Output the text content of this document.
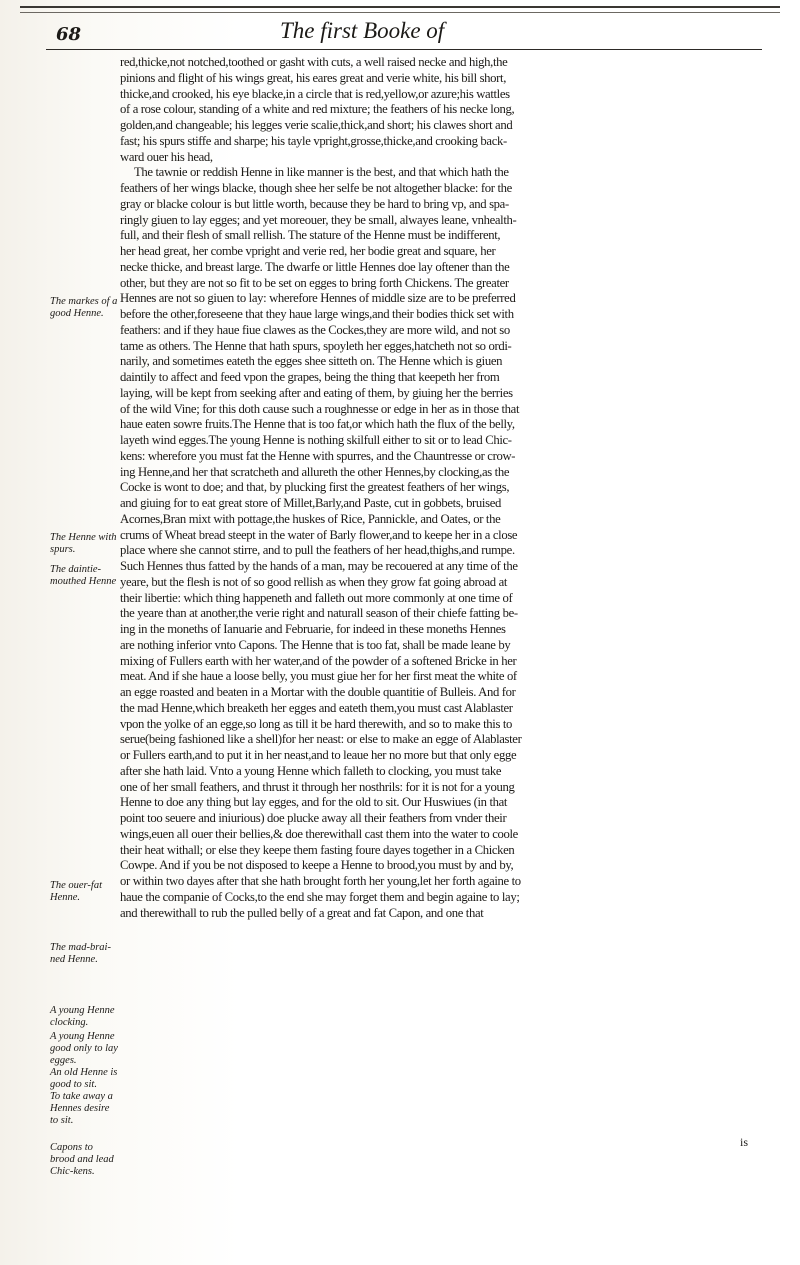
68	The first Booke of
The markes of a good Henne.
The Henne with spurs.
The daintie-mouthed Henne
The ouer-fat Henne.
The mad-brai-ned Henne.
A young Henne clocking.
A young Henne good only to lay egges.
An old Henne is good to sit.
To take away a Hennes desire to sit.
Capons to brood and lead Chic-kens.
red,thicke,not notched,toothed or gasht with cuts, a well raised necke and high,the
pinions and flight of his wings great, his eares great and verie white, his bill short,
thicke,and crooked, his eye blacke,in a circle that is red,yellow,or azure;his wattles
of a rose colour, standing of a white and red mixture; the feathers of his necke long,
golden,and changeable; his legges verie scalie,thick,and short; his clawes short and
fast; his spurs stiffe and sharpe; his tayle vpright,grosse,thicke,and crooking back-
ward ouer his head,
The tawnie or reddish Henne in like manner is the best, and that which hath the
feathers of her wings blacke, though shee her selfe be not altogether blacke: for the
gray or blacke colour is but little worth, because they be hard to bring vp, and spa-
ringly giuen to lay egges; and yet moreouer, they be small, alwayes leane, vnhealth-
full, and their flesh of small rellish. The stature of the Henne must be indifferent,
her head great, her combe vpright and verie red, her bodie great and square, her
necke thicke, and breast large. The dwarfe or little Hennes doe lay oftener than the
other, but they are not so fit to be set on egges to bring forth Chickens. The greater
Hennes are not so giuen to lay: wherefore Hennes of middle size are to be preferred
before the other,foreseene that they haue large wings,and their bodies thick set with
feathers: and if they haue fiue clawes as the Cockes,they are more wild, and not so
tame as others. The Henne that hath spurs, spoyleth her egges,hatcheth not so ordi-
narily, and sometimes eateth the egges shee sitteth on. The Henne which is giuen
daintily to affect and feed vpon the grapes, being the thing that keepeth her from
laying, will be kept from seeking after and eating of them, by giuing her the berries
of the wild Vine; for this doth cause such a roughnesse or edge in her as in those that
haue eaten sowre fruits.The Henne that is too fat,or which hath the flux of the belly,
layeth wind egges.The young Henne is nothing skilfull either to sit or to lead Chic-
kens: wherefore you must fat the Henne with spurres, and the Chauntresse or crow-
ing Henne,and her that scratcheth and allureth the other Hennes,by clocking,as the
Cocke is wont to doe; and that, by plucking first the greatest feathers of her wings,
and giuing for to eat great store of Millet,Barly,and Paste, cut in gobbets, bruised
Acornes,Bran mixt with pottage,the huskes of Rice, Pannickle, and Oates, or the
crums of Wheat bread steept in the water of Barly flower,and to keepe her in a close
place where she cannot stirre, and to pull the feathers of her head,thighs,and rumpe.
Such Hennes thus fatted by the hands of a man, may be recouered at any time of the
yeare, but the flesh is not of so good rellish as when they grow fat going abroad at
their libertie: which thing happeneth and falleth out more commonly at one time of
the yeare than at another,the verie right and naturall season of their chiefe fatting be-
ing in the moneths of Ianuarie and Februarie, for indeed in these moneths Hennes
are nothing inferior vnto Capons. The Henne that is too fat, shall be made leane by
mixing of Fullers earth with her water,and of the powder of a softened Bricke in her
meat. And if she haue a loose belly, you must giue her for her first meat the white of
an egge roasted and beaten in a Mortar with the double quantitie of Bulleis. And for
the mad Henne,which breaketh her egges and eateth them,you must cast Alablaster
vpon the yolke of an egge,so long as till it be hard therewith, and so to make this to
serue(being fashioned like a shell)for her neast: or else to make an egge of Alablaster
or Fullers earth,and to put it in her neast,and to leaue her no more but that only egge
after she hath laid. Vnto a young Henne which falleth to clocking, you must take
one of her small feathers, and thrust it through her nosthrils: for it is not for a young
Henne to doe any thing but lay egges, and for the old to sit. Our Huswiues (in that
point too seuere and iniurious) doe plucke away all their feathers from vnder their
wings,euen all ouer their bellies,& doe therewithall cast them into the water to coole
their heat withall; or else they keepe them fasting foure dayes together in a Chicken
Cowpe. And if you be not disposed to keepe a Henne to brood,you must by and by,
or within two dayes after that she hath brought forth her young,let her forth againe to
haue the companie of Cocks,to the end she may forget them and begin againe to lay;
and therewithall to rub the pulled belly of a great and fat Capon, and one that
is
